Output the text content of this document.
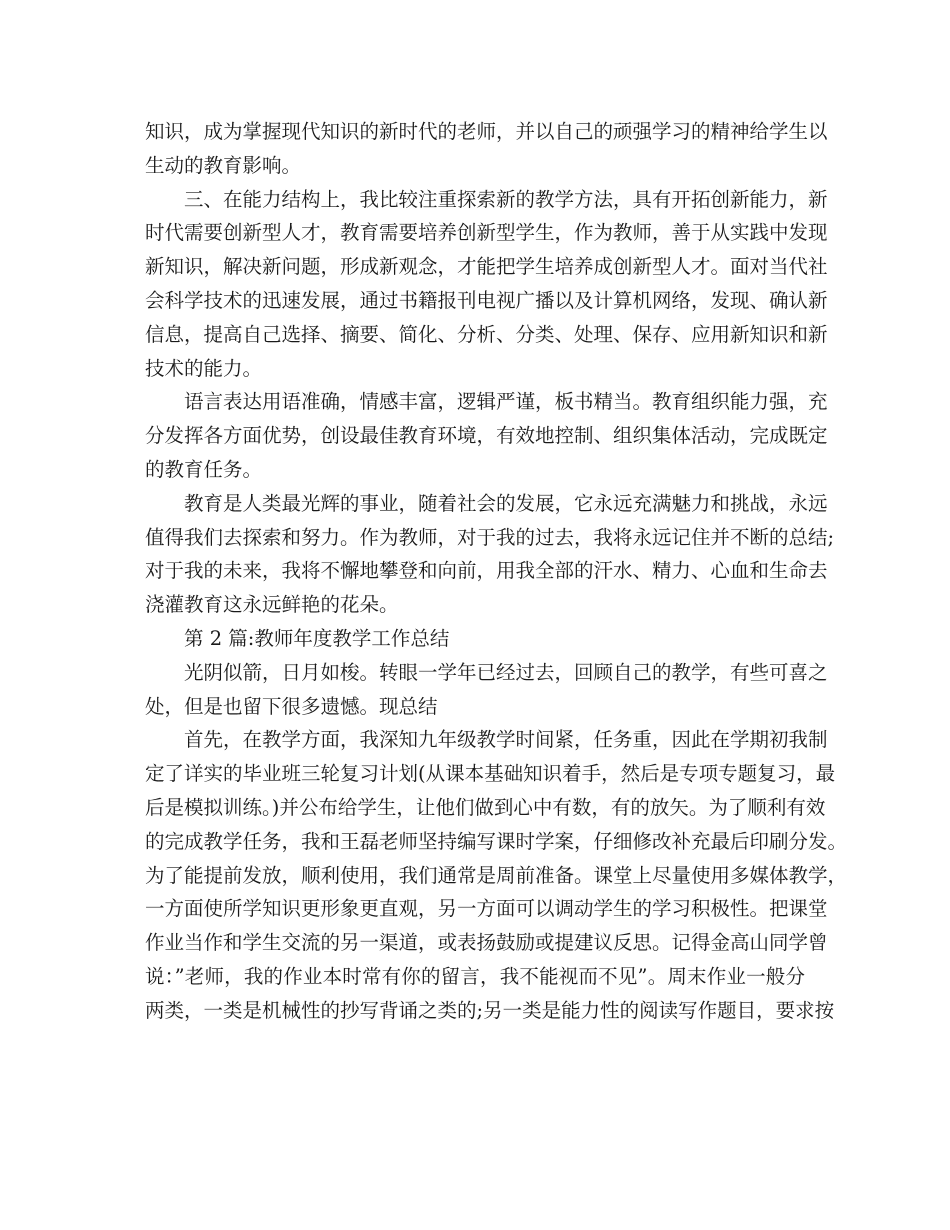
知识，成为掌握现代知识的新时代的老师，并以自己的顽强学习的精神给学生以
生动的教育影响。
三、在能力结构上，我比较注重探索新的教学方法，具有开拓创新能力，新
时代需要创新型人才，教育需要培养创新型学生，作为教师，善于从实践中发现
新知识，解决新问题，形成新观念，才能把学生培养成创新型人才。面对当代社
会科学技术的迅速发展，通过书籍报刊电视广播以及计算机网络，发现、确认新
信息，提高自己选择、摘要、简化、分析、分类、处理、保存、应用新知识和新
技术的能力。
语言表达用语准确，情感丰富，逻辑严谨，板书精当。教育组织能力强，充
分发挥各方面优势，创设最佳教育环境，有效地控制、组织集体活动，完成既定
的教育任务。
教育是人类最光辉的事业，随着社会的发展，它永远充满魅力和挑战，永远
值得我们去探索和努力。作为教师，对于我的过去，我将永远记住并不断的总结;
对于我的未来，我将不懈地攀登和向前，用我全部的汗水、精力、心血和生命去
浇灌教育这永远鲜艳的花朵。
第 2 篇:教师年度教学工作总结
光阴似箭，日月如梭。转眼一学年已经过去，回顾自己的教学，有些可喜之
处，但是也留下很多遗憾。现总结
首先，在教学方面，我深知九年级教学时间紧，任务重，因此在学期初我制
定了详实的毕业班三轮复习计划(从课本基础知识着手，然后是专项专题复习，最
后是模拟训练。)并公布给学生，让他们做到心中有数，有的放矢。为了顺利有效
的完成教学任务，我和王磊老师坚持编写课时学案，仔细修改补充最后印刷分发。
为了能提前发放，顺利使用，我们通常是周前准备。课堂上尽量使用多媒体教学，
一方面使所学知识更形象更直观，另一方面可以调动学生的学习积极性。把课堂
作业当作和学生交流的另一渠道，或表扬鼓励或提建议反思。记得金高山同学曾
说：”老师，我的作业本时常有你的留言，我不能视而不见”。周末作业一般分
两类，一类是机械性的抄写背诵之类的;另一类是能力性的阅读写作题目，要求按
